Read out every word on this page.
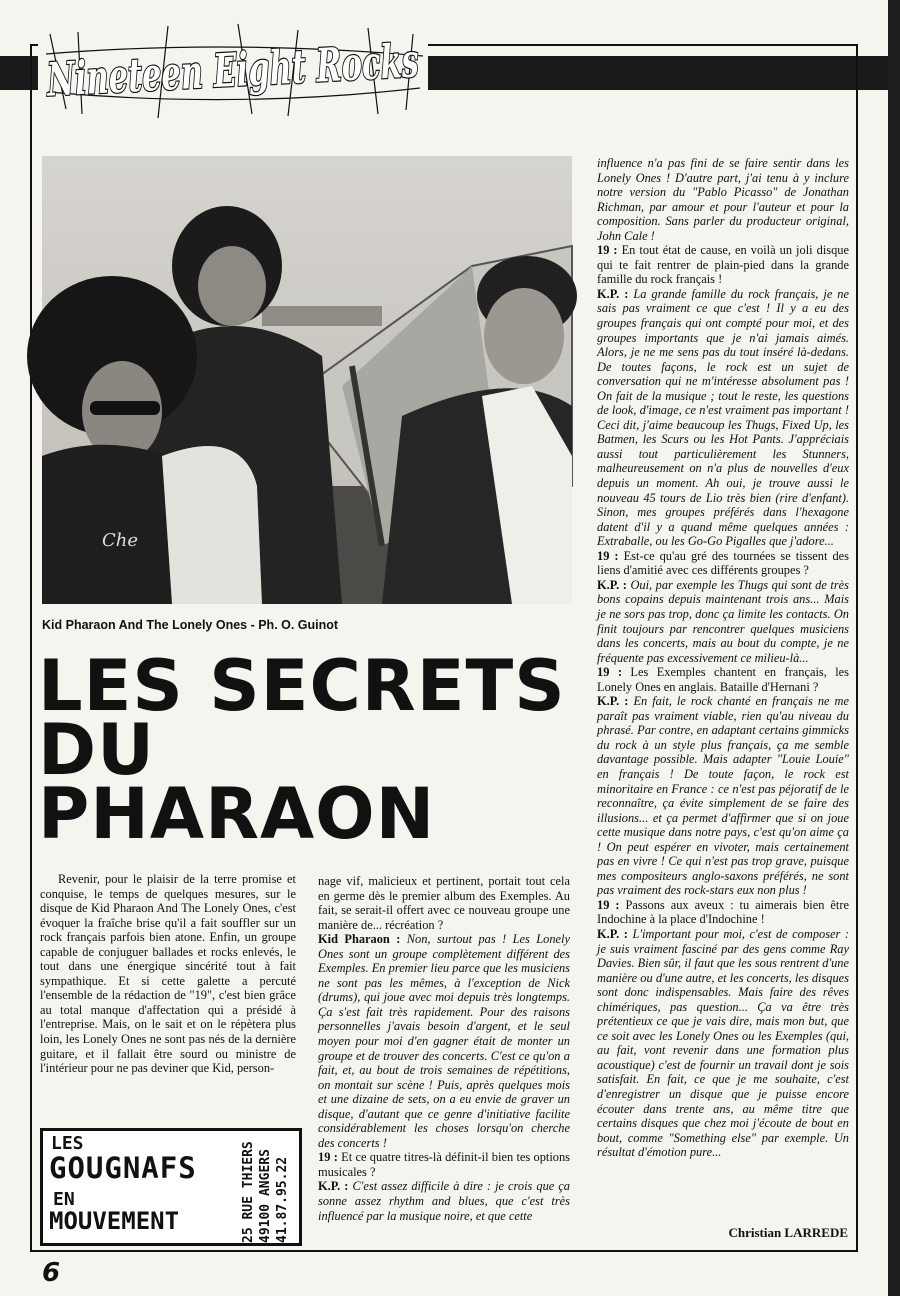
Nineteen Eight Rocks
Che
Kid Pharaon And The Lonely Ones - Ph. O. Guinot
LES SECRETS
DU
PHARAON

Revenir, pour le plaisir de la terre promise et conquise, le temps de quelques mesures, sur le disque de Kid Pharaon And The Lonely Ones, c'est évoquer la fraîche brise qu'il a fait souffler sur un rock français parfois bien atone. Enfin, un groupe capable de conjuguer ballades et rocks enlevés, le tout dans une énergique sincérité tout à fait sympathique. Et si cette galette a percuté l'ensemble de la rédaction de "19", c'est bien grâce au total manque d'affectation qui a présidé à l'entreprise. Mais, on le sait et on le répètera plus loin, les Lonely Ones ne sont pas nés de la dernière guitare, et il fallait être sourd ou ministre de l'intérieur pour ne pas deviner que Kid, person-

LES
GOUGNAFS
EN
MOUVEMENT	25 RUE THIERS 49100 ANGERS 41.87.95.22

nage vif, malicieux et pertinent, portait tout cela en germe dès le premier album des Exemples. Au fait, se serait-il offert avec ce nouveau groupe une manière de... récréation ?

Kid Pharaon : Non, surtout pas ! Les Lonely Ones sont un groupe complètement différent des Exemples. En premier lieu parce que les musiciens ne sont pas les mêmes, à l'exception de Nick (drums), qui joue avec moi depuis très longtemps. Ça s'est fait très rapidement. Pour des raisons personnelles j'avais besoin d'argent, et le seul moyen pour moi d'en gagner était de monter un groupe et de trouver des concerts. C'est ce qu'on a fait, et, au bout de trois semaines de répétitions, on montait sur scène ! Puis, après quelques mois et une dizaine de sets, on a eu envie de graver un disque, d'autant que ce genre d'initiative facilite considérablement les choses lorsqu'on cherche des concerts !

19 : Et ce quatre titres-là définit-il bien tes options musicales ?

K.P. : C'est assez difficile à dire : je crois que ça sonne assez rhythm and blues, que c'est très influencé par la musique noire, et que cette

influence n'a pas fini de se faire sentir dans les Lonely Ones ! D'autre part, j'ai tenu à y inclure notre version du "Pablo Picasso" de Jonathan Richman, par amour et pour l'auteur et pour la composition. Sans parler du producteur original, John Cale !

19 : En tout état de cause, en voilà un joli disque qui te fait rentrer de plain-pied dans la grande famille du rock français !

K.P. : La grande famille du rock français, je ne sais pas vraiment ce que c'est ! Il y a eu des groupes français qui ont compté pour moi, et des groupes importants que je n'ai jamais aimés. Alors, je ne me sens pas du tout inséré là-dedans. De toutes façons, le rock est un sujet de conversation qui ne m'intéresse absolument pas ! On fait de la musique ; tout le reste, les questions de look, d'image, ce n'est vraiment pas important ! Ceci dit, j'aime beaucoup les Thugs, Fixed Up, les Batmen, les Scurs ou les Hot Pants. J'appréciais aussi tout particulièrement les Stunners, malheureusement on n'a plus de nouvelles d'eux depuis un moment. Ah oui, je trouve aussi le nouveau 45 tours de Lio très bien (rire d'enfant). Sinon, mes groupes préférés dans l'hexagone datent d'il y a quand même quelques années : Extraballe, ou les Go-Go Pigalles que j'adore...

19 : Est-ce qu'au gré des tournées se tissent des liens d'amitié avec ces différents groupes ?

K.P. : Oui, par exemple les Thugs qui sont de très bons copains depuis maintenant trois ans... Mais je ne sors pas trop, donc ça limite les contacts. On finit toujours par rencontrer quelques musiciens dans les concerts, mais au bout du compte, je ne fréquente pas excessivement ce milieu-là...

19 : Les Exemples chantent en français, les Lonely Ones en anglais. Bataille d'Hernani ?

K.P. : En fait, le rock chanté en français ne me paraît pas vraiment viable, rien qu'au niveau du phrasé. Par contre, en adaptant certains gimmicks du rock à un style plus français, ça me semble davantage possible. Mais adapter "Louie Louie" en français ! De toute façon, le rock est minoritaire en France : ce n'est pas péjoratif de le reconnaître, ça évite simplement de se faire des illusions... et ça permet d'affirmer que si on joue cette musique dans notre pays, c'est qu'on aime ça ! On peut espérer en vivoter, mais certainement pas en vivre ! Ce qui n'est pas trop grave, puisque mes compositeurs anglo-saxons préférés, ne sont pas vraiment des rock-stars eux non plus !

19 : Passons aux aveux : tu aimerais bien être Indochine à la place d'Indochine !

K.P. : L'important pour moi, c'est de composer : je suis vraiment fasciné par des gens comme Ray Davies. Bien sûr, il faut que les sous rentrent d'une manière ou d'une autre, et les concerts, les disques sont donc indispensables. Mais faire des rêves chimériques, pas question... Ça va être très prétentieux ce que je vais dire, mais mon but, que ce soit avec les Lonely Ones ou les Exemples (qui, au fait, vont revenir dans une formation plus acoustique) c'est de fournir un travail dont je sois satisfait. En fait, ce que je me souhaite, c'est d'enregistrer un disque que je puisse encore écouter dans trente ans, au même titre que certains disques que chez moi j'écoute de bout en bout, comme "Something else" par exemple. Un résultat d'émotion pure...

Christian LARREDE
6
